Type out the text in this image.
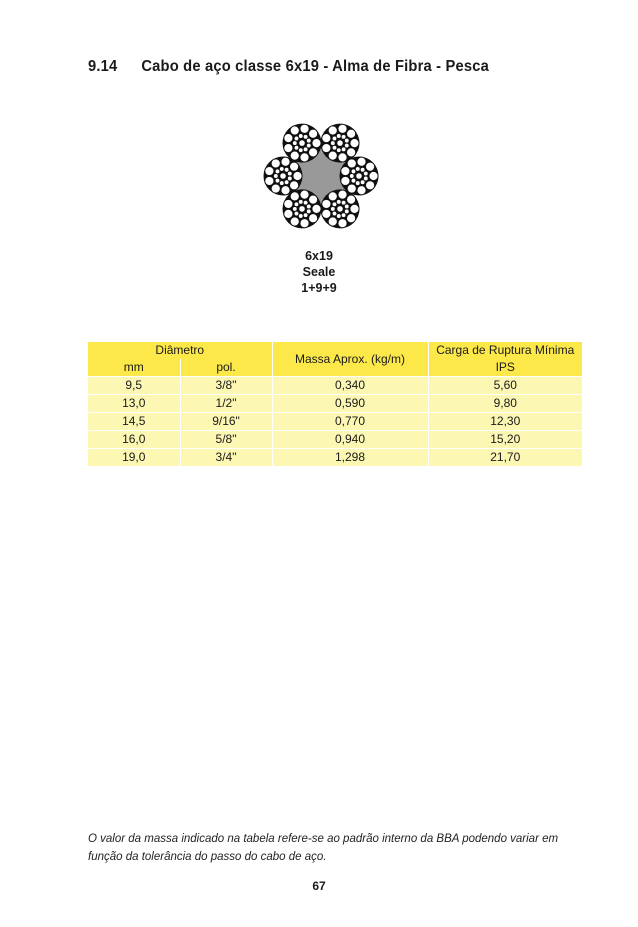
9.14 Cabo de aço classe 6x19 - Alma de Fibra - Pesca
6x19
Seale
1+9+9
Diâmetro		Massa Aprox. (kg/m)	Carga de Ruptura Mínima
mm	pol.		IPS
9,5	3/8"	0,340	5,60
13,0	1/2"	0,590	9,80
14,5	9/16"	0,770	12,30
16,0	5/8"	0,940	15,20
19,0	3/4"	1,298	21,70
O valor da massa indicado na tabela refere-se ao padrão interno da BBA podendo variar em função da tolerância do passo do cabo de aço.
67
